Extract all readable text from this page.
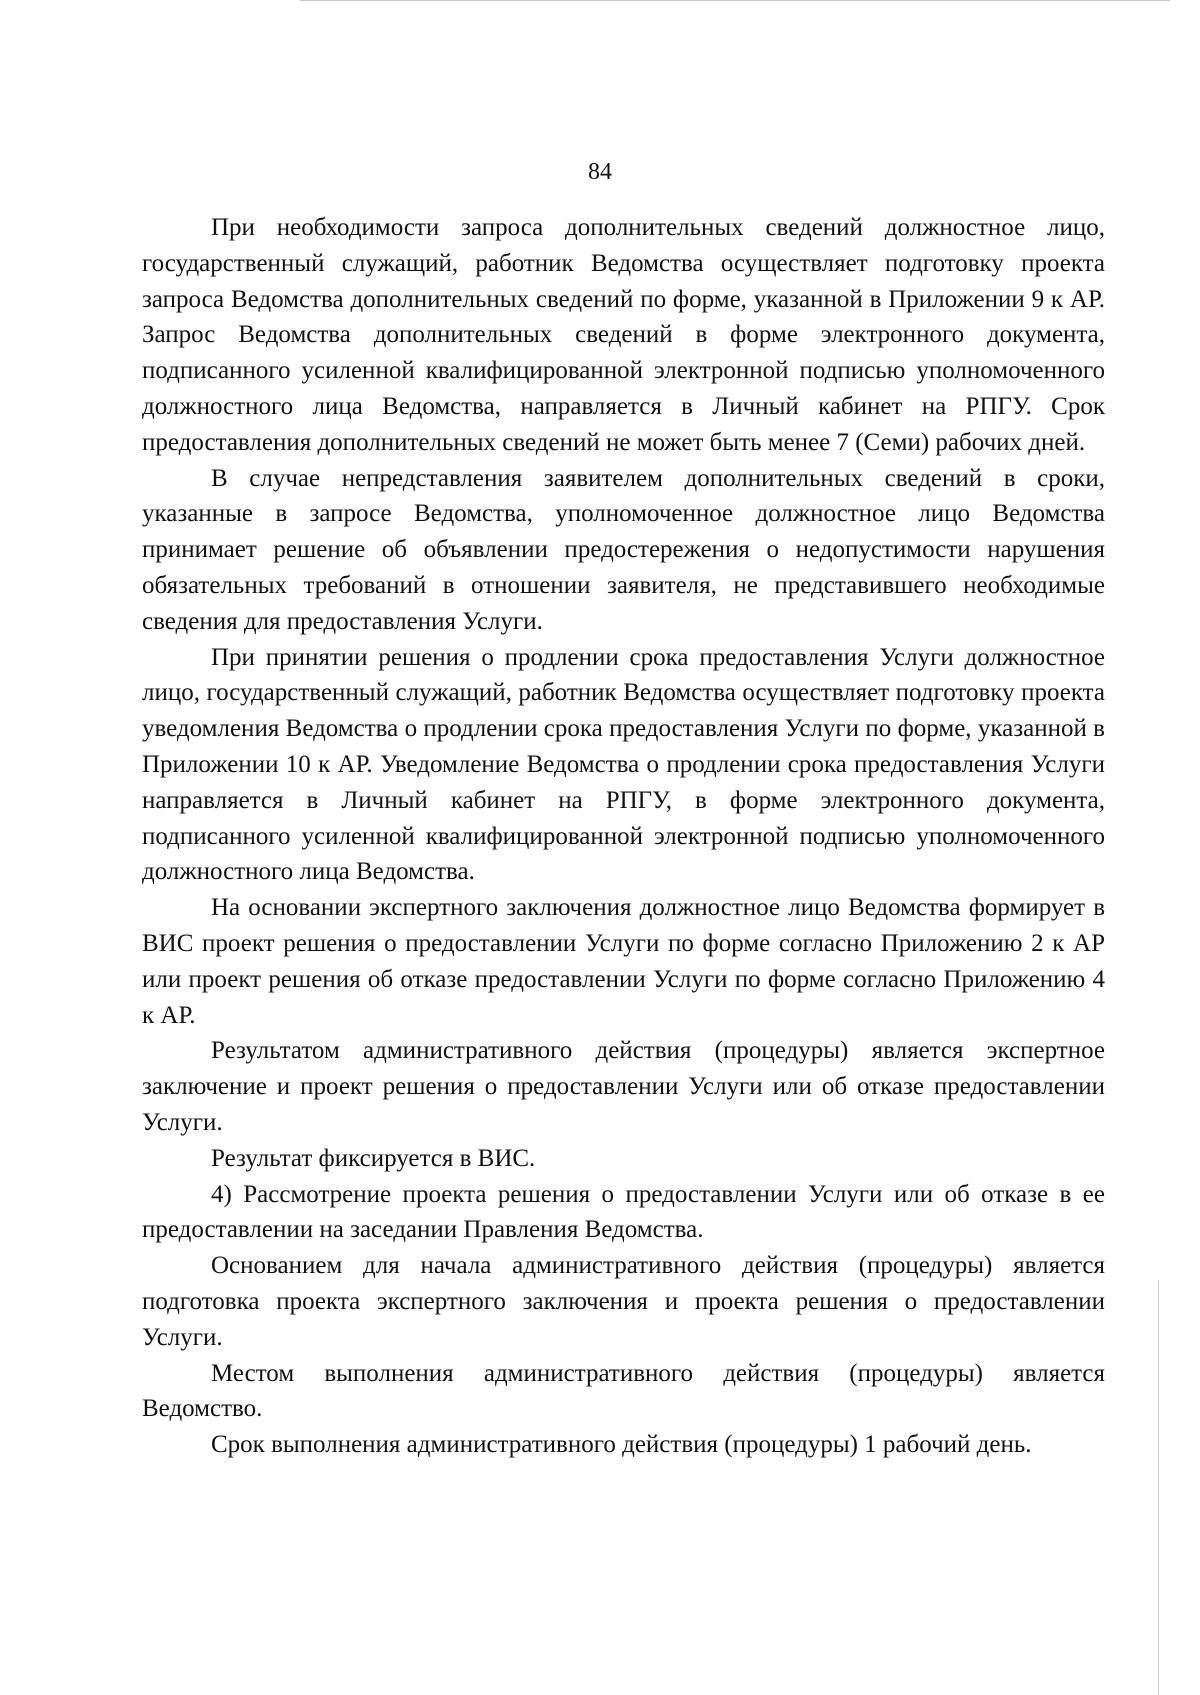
84

При необходимости запроса дополнительных сведений должностное лицо, государственный служащий, работник Ведомства осуществляет подготовку проекта запроса Ведомства дополнительных сведений по форме, указанной в Приложении 9 к АР. Запрос Ведомства дополнительных сведений в форме электронного документа, подписанного усиленной квалифицированной электронной подписью уполномоченного должностного лица Ведомства, направляется в Личный кабинет на РПГУ. Срок предоставления дополнительных сведений не может быть менее 7 (Семи) рабочих дней.

В случае непредставления заявителем дополнительных сведений в сроки, указанные в запросе Ведомства, уполномоченное должностное лицо Ведомства принимает решение об объявлении предостережения о недопустимости нарушения обязательных требований в отношении заявителя, не представившего необходимые сведения для предоставления Услуги.

При принятии решения о продлении срока предоставления Услуги должностное лицо, государственный служащий, работник Ведомства осуществляет подготовку проекта уведомления Ведомства о продлении срока предоставления Услуги по форме, указанной в Приложении 10 к АР. Уведомление Ведомства о продлении срока предоставления Услуги направляется в Личный кабинет на РПГУ, в форме электронного документа, подписанного усиленной квалифицированной электронной подписью уполномоченного должностного лица Ведомства.

На основании экспертного заключения должностное лицо Ведомства формирует в ВИС проект решения о предоставлении Услуги по форме согласно Приложению 2 к АР или проект решения об отказе предоставлении Услуги по форме согласно Приложению 4 к АР.

Результатом административного действия (процедуры) является экспертное заключение и проект решения о предоставлении Услуги или об отказе предоставлении Услуги.

Результат фиксируется в ВИС.

4) Рассмотрение проекта решения о предоставлении Услуги или об отказе в ее предоставлении на заседании Правления Ведомства.

Основанием для начала административного действия (процедуры) является подготовка проекта экспертного заключения и проекта решения о предоставлении Услуги.

Местом выполнения административного действия (процедуры) является Ведомство.

Срок выполнения административного действия (процедуры) 1 рабочий день.
